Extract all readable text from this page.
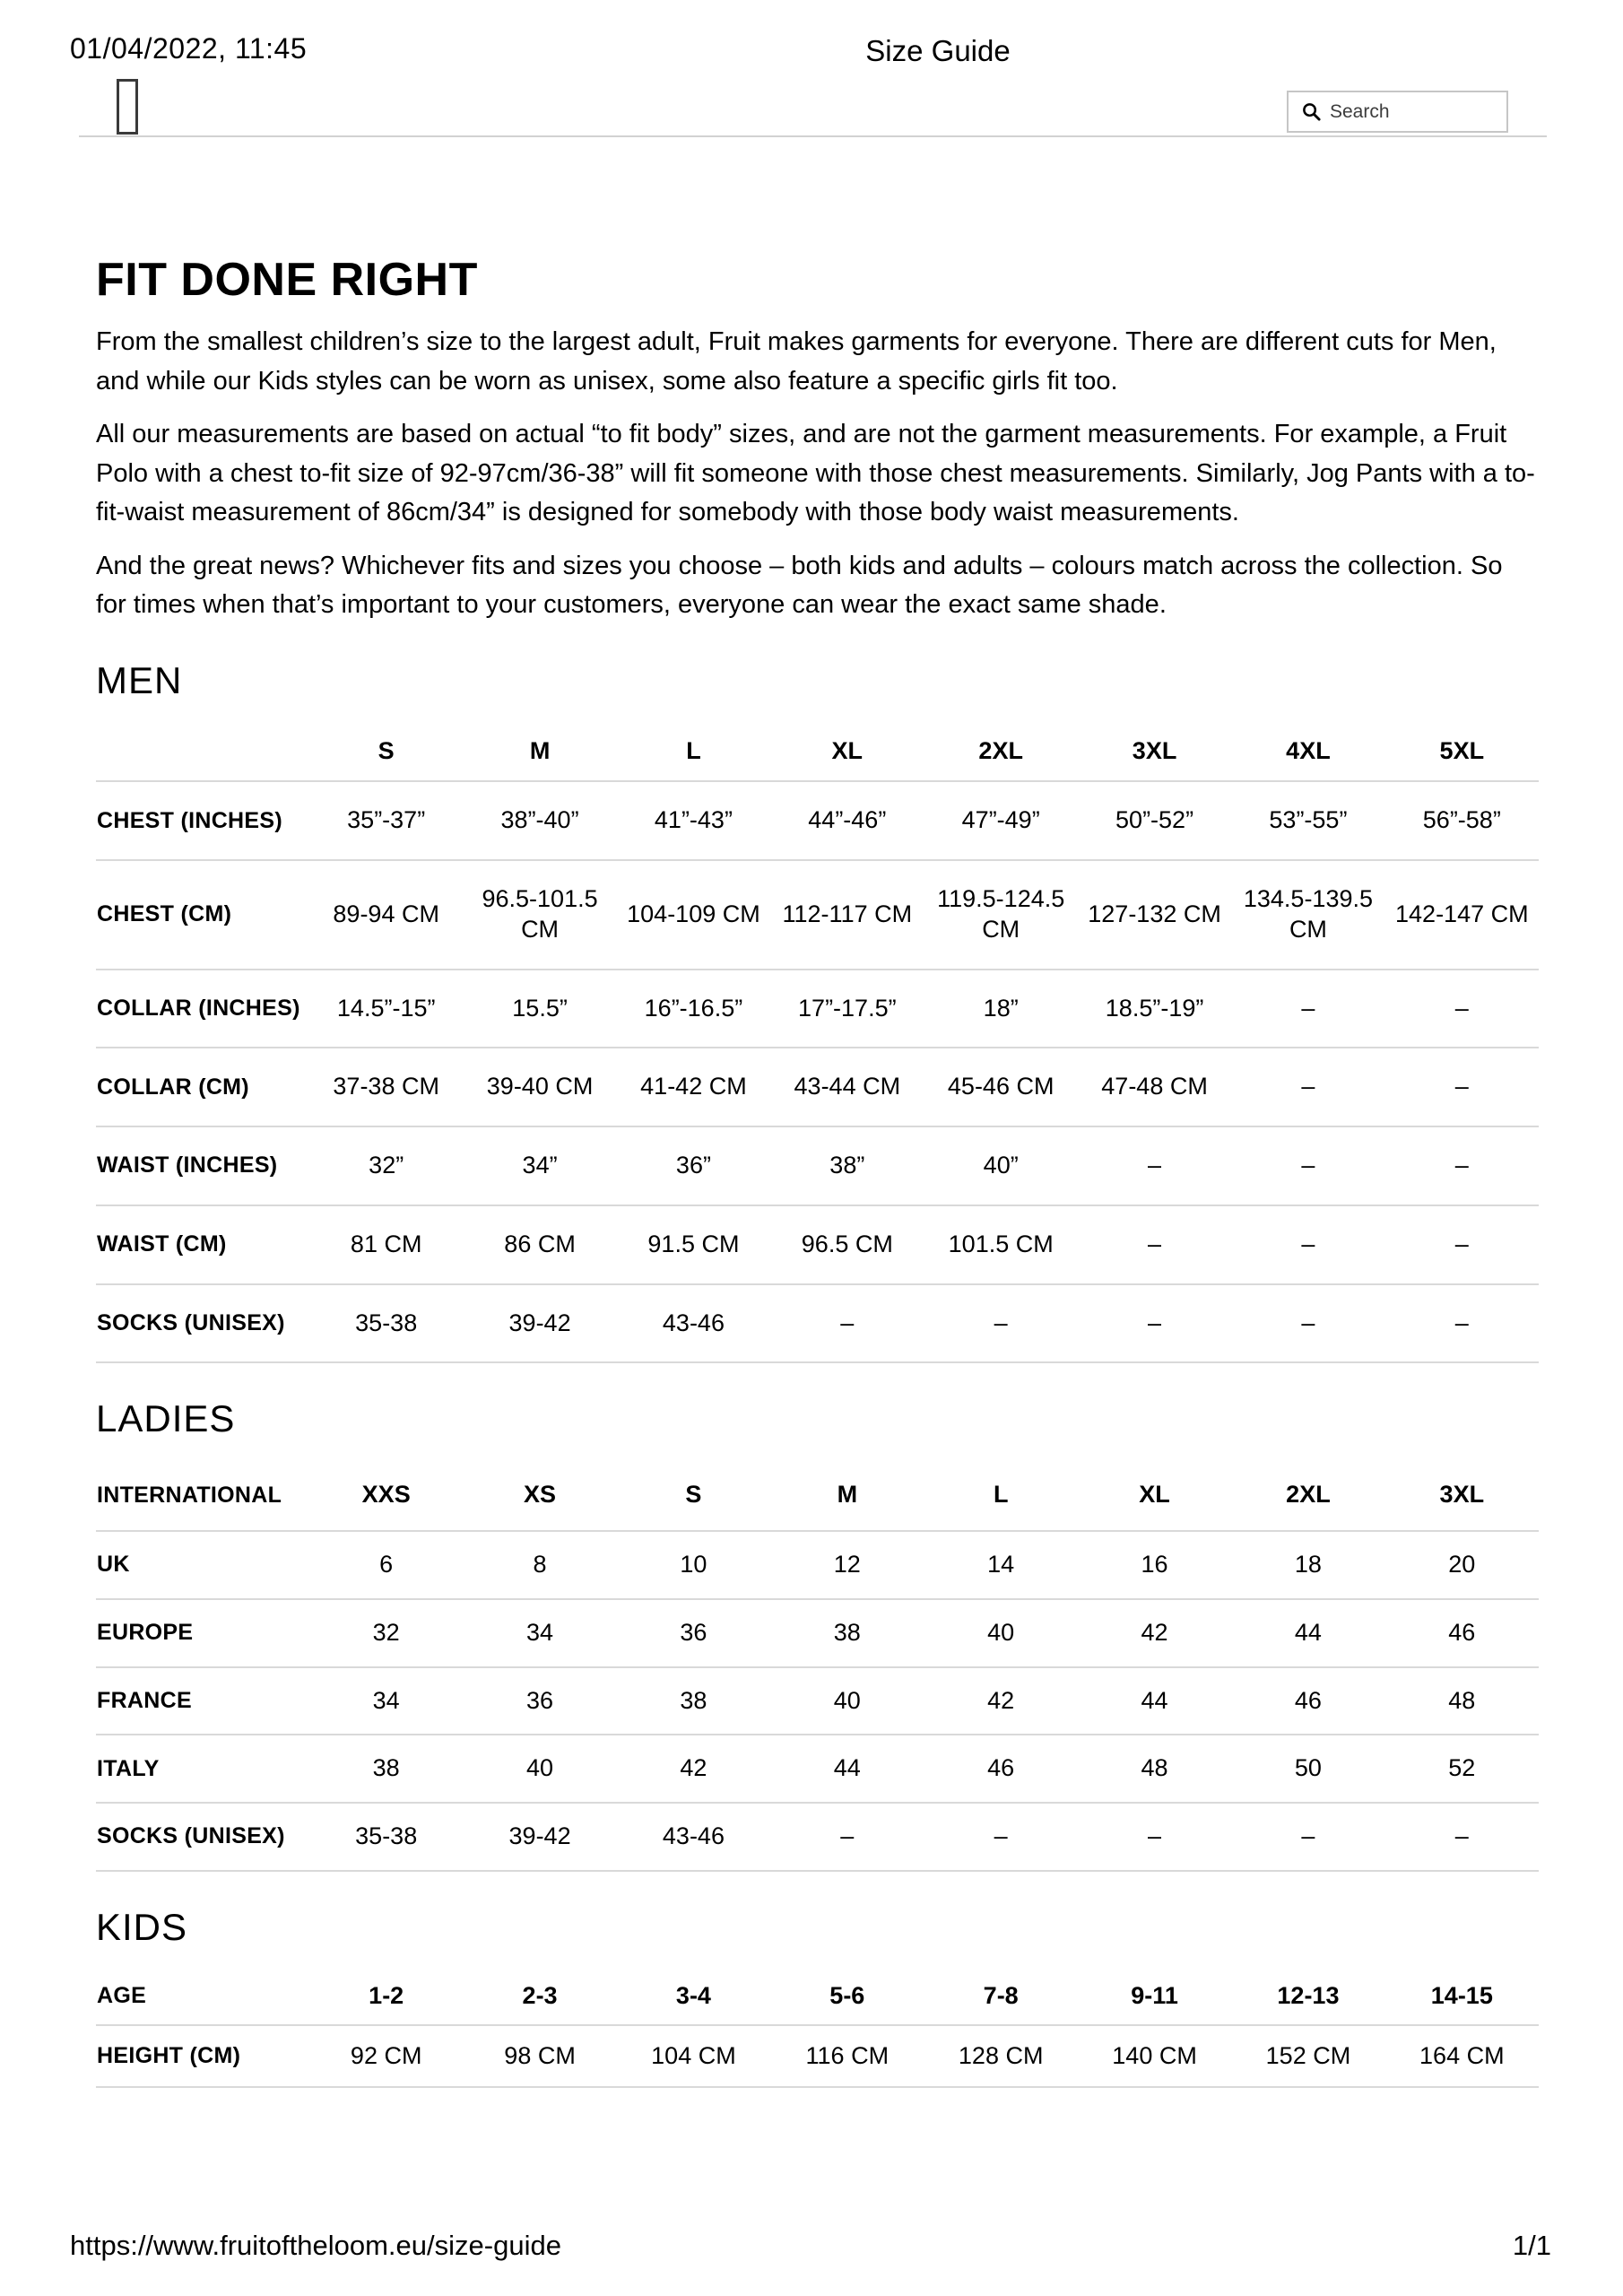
01/04/2022, 11:45	Size Guide
Search
FIT DONE RIGHT

From the smallest children’s size to the largest adult, Fruit makes garments for everyone. There are different cuts for Men, and while our Kids styles can be worn as unisex, some also feature a specific girls fit too.

All our measurements are based on actual “to fit body” sizes, and are not the garment measurements. For example, a Fruit Polo with a chest to-fit size of 92-97cm/36-38” will fit someone with those chest measurements. Similarly, Jog Pants with a to-fit-waist measurement of 86cm/34” is designed for somebody with those body waist measurements.

And the great news? Whichever fits and sizes you choose – both kids and adults – colours match across the collection. So for times when that’s important to your customers, everyone can wear the exact same shade.

MEN
	S	M	L	XL	2XL	3XL	4XL	5XL
CHEST (INCHES)	35”-37”	38”-40”	41”-43”	44”-46”	47”-49”	50”-52”	53”-55”	56”-58”
CHEST (CM)	89-94 CM	96.5-101.5 CM	104-109 CM	112-117 CM	119.5-124.5 CM	127-132 CM	134.5-139.5 CM	142-147 CM
COLLAR (INCHES)	14.5”-15”	15.5”	16”-16.5”	17”-17.5”	18”	18.5”-19”	–	–
COLLAR (CM)	37-38 CM	39-40 CM	41-42 CM	43-44 CM	45-46 CM	47-48 CM	–	–
WAIST (INCHES)	32”	34”	36”	38”	40”	–	–	–
WAIST (CM)	81 CM	86 CM	91.5 CM	96.5 CM	101.5 CM	–	–	–
SOCKS (UNISEX)	35-38	39-42	43-46	–	–	–	–	–
LADIES
INTERNATIONAL	XXS	XS	S	M	L	XL	2XL	3XL
UK	6	8	10	12	14	16	18	20
EUROPE	32	34	36	38	40	42	44	46
FRANCE	34	36	38	40	42	44	46	48
ITALY	38	40	42	44	46	48	50	52
SOCKS (UNISEX)	35-38	39-42	43-46	–	–	–	–	–
KIDS
AGE	1-2	2-3	3-4	5-6	7-8	9-11	12-13	14-15
HEIGHT (CM)	92 CM	98 CM	104 CM	116 CM	128 CM	140 CM	152 CM	164 CM
https://www.fruitoftheloom.eu/size-guide	1/1
